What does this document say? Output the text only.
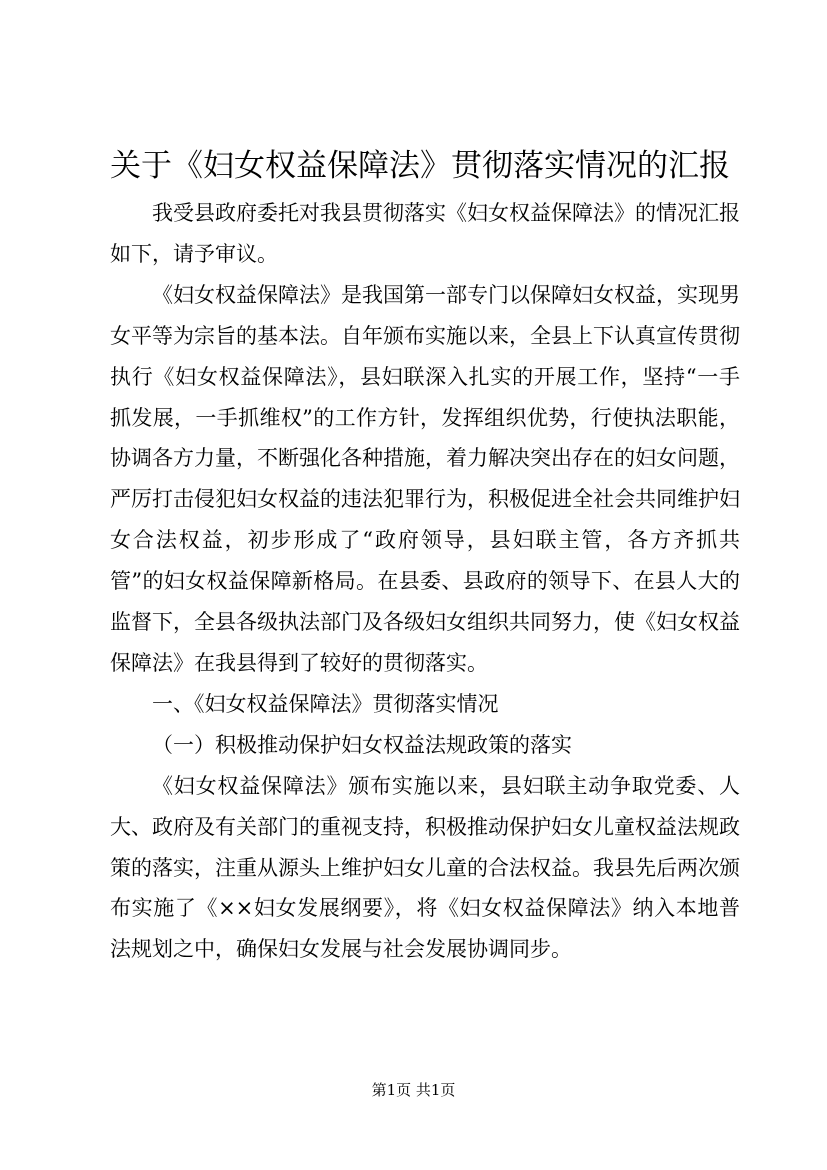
关于《妇女权益保障法》贯彻落实情况的汇报

我受县政府委托对我县贯彻落实《妇女权益保障法》的情况汇报如下，请予审议。

《妇女权益保障法》是我国第一部专门以保障妇女权益，实现男女平等为宗旨的基本法。自年颁布实施以来，全县上下认真宣传贯彻执行《妇女权益保障法》，县妇联深入扎实的开展工作，坚持“一手抓发展，一手抓维权”的工作方针，发挥组织优势，行使执法职能，协调各方力量，不断强化各种措施，着力解决突出存在的妇女问题，严厉打击侵犯妇女权益的违法犯罪行为，积极促进全社会共同维护妇女合法权益，初步形成了“政府领导，县妇联主管，各方齐抓共管”的妇女权益保障新格局。在县委、县政府的领导下、在县人大的监督下，全县各级执法部门及各级妇女组织共同努力，使《妇女权益保障法》在我县得到了较好的贯彻落实。

一、《妇女权益保障法》贯彻落实情况

（一）积极推动保护妇女权益法规政策的落实

《妇女权益保障法》颁布实施以来，县妇联主动争取党委、人大、政府及有关部门的重视支持，积极推动保护妇女儿童权益法规政策的落实，注重从源头上维护妇女儿童的合法权益。我县先后两次颁布实施了《××妇女发展纲要》，将《妇女权益保障法》纳入本地普法规划之中，确保妇女发展与社会发展协调同步。

第1页 共1页
